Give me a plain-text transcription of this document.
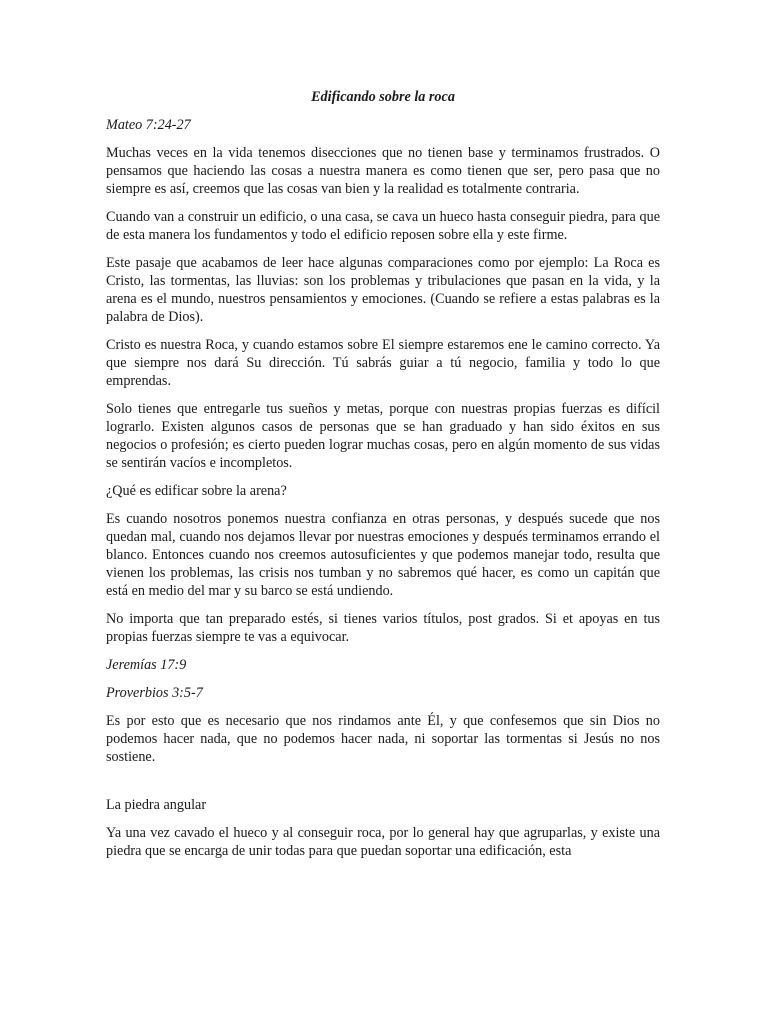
Edificando sobre la roca

Mateo 7:24-27

Muchas veces en la vida tenemos disecciones que no tienen base y terminamos frustrados. O pensamos que haciendo las cosas a nuestra manera es como tienen que ser, pero pasa que no siempre es así, creemos que las cosas van bien y la realidad es totalmente contraria.

Cuando van a construir un edificio, o una casa, se cava un hueco hasta conseguir piedra, para que de esta manera los fundamentos y todo el edificio reposen sobre ella y este firme.

Este pasaje que acabamos de leer hace algunas comparaciones como por ejemplo: La Roca es Cristo, las tormentas, las lluvias: son los problemas y tribulaciones que pasan en la vida, y la arena es el mundo, nuestros pensamientos y emociones. (Cuando se refiere a estas palabras es la palabra de Dios).

Cristo es nuestra Roca, y cuando estamos sobre El siempre estaremos ene le camino correcto. Ya que siempre nos dará Su dirección. Tú sabrás guiar a tú negocio, familia y todo lo que emprendas.

Solo tienes que entregarle tus sueños y metas, porque con nuestras propias fuerzas es difícil lograrlo. Existen algunos casos de personas que se han graduado y han sido éxitos en sus negocios o profesión; es cierto pueden lograr muchas cosas, pero en algún momento de sus vidas se sentirán vacíos e incompletos.

¿Qué es edificar sobre la arena?

Es cuando nosotros ponemos nuestra confianza en otras personas, y después sucede que nos quedan mal, cuando nos dejamos llevar por nuestras emociones y después terminamos errando el blanco. Entonces cuando nos creemos autosuficientes y que podemos manejar todo, resulta que vienen los problemas, las crisis nos tumban y no sabremos qué hacer, es como un capitán que está en medio del mar y su barco se está undiendo.

No importa que tan preparado estés, si tienes varios títulos, post grados. Si et apoyas en tus propias fuerzas siempre te vas a equivocar.

Jeremías 17:9

Proverbios 3:5-7

Es por esto que es necesario que nos rindamos ante Él, y que confesemos que sin Dios no podemos hacer nada, que no podemos hacer nada, ni soportar las tormentas si Jesús no nos sostiene.

La piedra angular

Ya una vez cavado el hueco y al conseguir roca, por lo general hay que agruparlas, y existe una piedra que se encarga de unir todas para que puedan soportar una edificación, esta
